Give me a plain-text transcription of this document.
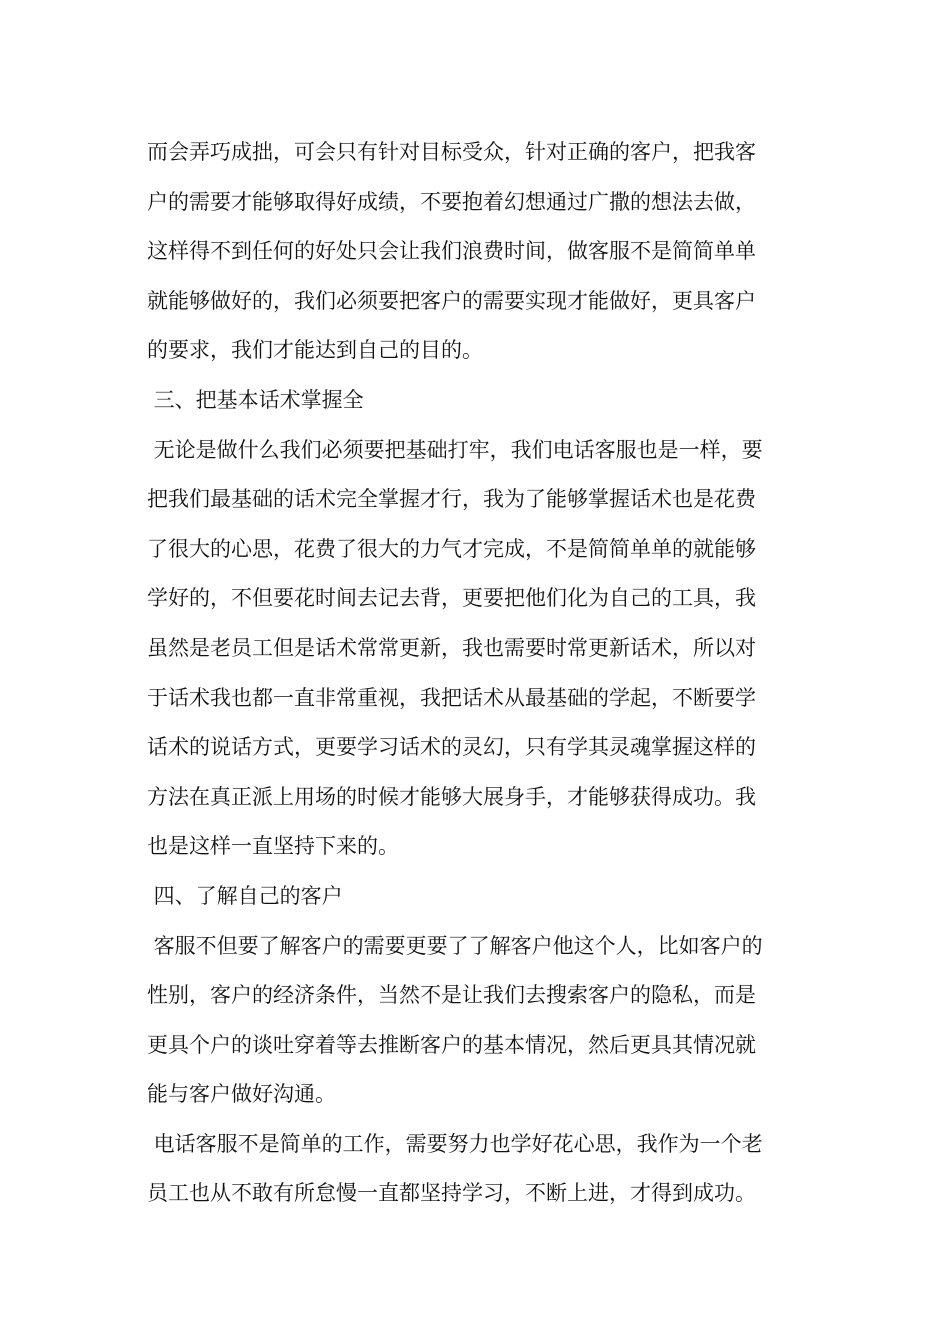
而会弄巧成拙，可会只有针对目标受众，针对正确的客户，把我客

户的需要才能够取得好成绩，不要抱着幻想通过广撒的想法去做，

这样得不到任何的好处只会让我们浪费时间，做客服不是简简单单

就能够做好的，我们必须要把客户的需要实现才能做好，更具客户

的要求，我们才能达到自己的目的。

三、把基本话术掌握全

无论是做什么我们必须要把基础打牢，我们电话客服也是一样，要

把我们最基础的话术完全掌握才行，我为了能够掌握话术也是花费

了很大的心思，花费了很大的力气才完成，不是简简单单的就能够

学好的，不但要花时间去记去背，更要把他们化为自己的工具，我

虽然是老员工但是话术常常更新，我也需要时常更新话术，所以对

于话术我也都一直非常重视，我把话术从最基础的学起，不断要学

话术的说话方式，更要学习话术的灵幻，只有学其灵魂掌握这样的

方法在真正派上用场的时候才能够大展身手，才能够获得成功。我

也是这样一直坚持下来的。

四、了解自己的客户

客服不但要了解客户的需要更要了了解客户他这个人，比如客户的

性别，客户的经济条件，当然不是让我们去搜索客户的隐私，而是

更具个户的谈吐穿着等去推断客户的基本情况，然后更具其情况就

能与客户做好沟通。

电话客服不是简单的工作，需要努力也学好花心思，我作为一个老

员工也从不敢有所怠慢一直都坚持学习，不断上进，才得到成功。
